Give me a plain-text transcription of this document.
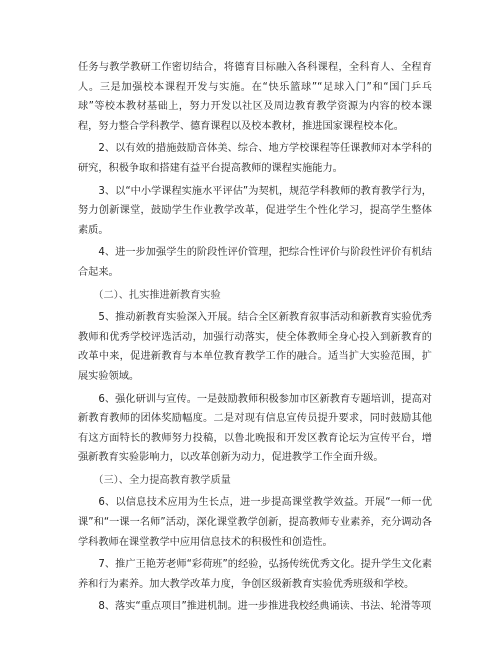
任务与教学教研工作密切结合，将德育目标融入各科课程，全科育人、全程育人。三是加强校本课程开发与实施。在“快乐篮球”“足球入门”和“国门乒乓球”等校本教材基础上，努力开发以社区及周边教育教学资源为内容的校本课程，努力整合学科教学、德育课程以及校本教材，推进国家课程校本化。

2、以有效的措施鼓励音体美、综合、地方学校课程等任课教师对本学科的研究，积极争取和搭建有益平台提高教师的课程实施能力。

3、以“中小学课程实施水平评估”为契机，规范学科教师的教育教学行为，努力创新课堂，鼓励学生作业教学改革，促进学生个性化学习，提高学生整体素质。

4、进一步加强学生的阶段性评价管理，把综合性评价与阶段性评价有机结合起来。

（二）、扎实推进新教育实验

5、推动新教育实验深入开展。结合全区新教育叙事活动和新教育实验优秀教师和优秀学校评选活动，加强行动落实，使全体教师全身心投入到新教育的改革中来，促进新教育与本单位教育教学工作的融合。适当扩大实验范围，扩展实验领域。

6、强化研训与宣传。一是鼓励教师积极参加市区新教育专题培训，提高对新教育教师的团体奖励幅度。二是对现有信息宣传员提升要求，同时鼓励其他有这方面特长的教师努力投稿，以鲁北晚报和开发区教育论坛为宣传平台，增强新教育实验影响力，以改革创新为动力，促进教学工作全面升级。

（三）、全力提高教育教学质量

6、以信息技术应用为生长点，进一步提高课堂教学效益。开展“一师一优课”和“一课一名师”活动，深化课堂教学创新，提高教师专业素养，充分调动各学科教师在课堂教学中应用信息技术的积极性和创造性。

7、推广王艳芳老师“彩荷班”的经验，弘扬传统优秀文化。提升学生文化素养和行为素养。加大教学改革力度，争创区级新教育实验优秀班级和学校。

8、落实“重点项目”推进机制。进一步推进我校经典诵读、书法、轮滑等项
